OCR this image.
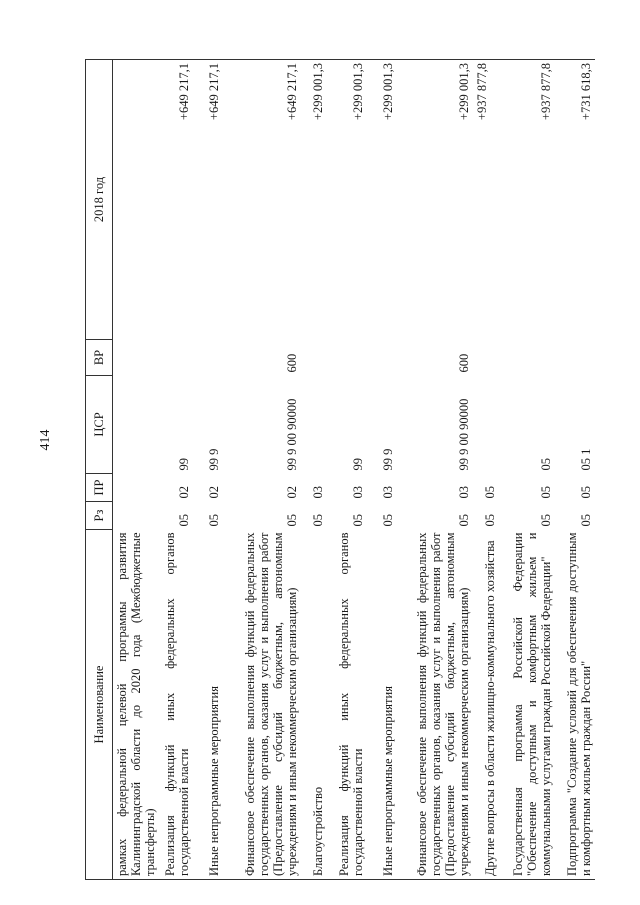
414
Наименование	Рз	ПР	ЦСР	ВР	2018 год
рамках федеральной целевой программы развития Калининградской области до 2020 года (Межбюджетные трансферты)					
Реализация функций иных федеральных органов государственной власти	05	02	99		+649 217,1
Иные непрограммные мероприятия	05	02	99 9		+649 217,1
Финансовое обеспечение выполнения функций федеральных государственных органов, оказания услуг и выполнения работ (Предоставление субсидий бюджетным, автономным учреждениям и иным некоммерческим организациям)	05	02	99 9 00 90000	600	+649 217,1
Благоустройство	05	03			+299 001,3
Реализация функций иных федеральных органов государственной власти	05	03	99		+299 001,3
Иные непрограммные мероприятия	05	03	99 9		+299 001,3
Финансовое обеспечение выполнения функций федеральных государственных органов, оказания услуг и выполнения работ (Предоставление субсидий бюджетным, автономным учреждениям и иным некоммерческим организациям)	05	03	99 9 00 90000	600	+299 001,3
Другие вопросы в области жилищно-коммунального хозяйства	05	05			+937 877,8
Государственная программа Российской Федерации "Обеспечение доступным и комфортным жильем и коммунальными услугами граждан Российской Федерации"	05	05	05		+937 877,8
Подпрограмма "Создание условий для обеспечения доступным и комфортным жильем граждан России"	05	05	05 1		+731 618,3
